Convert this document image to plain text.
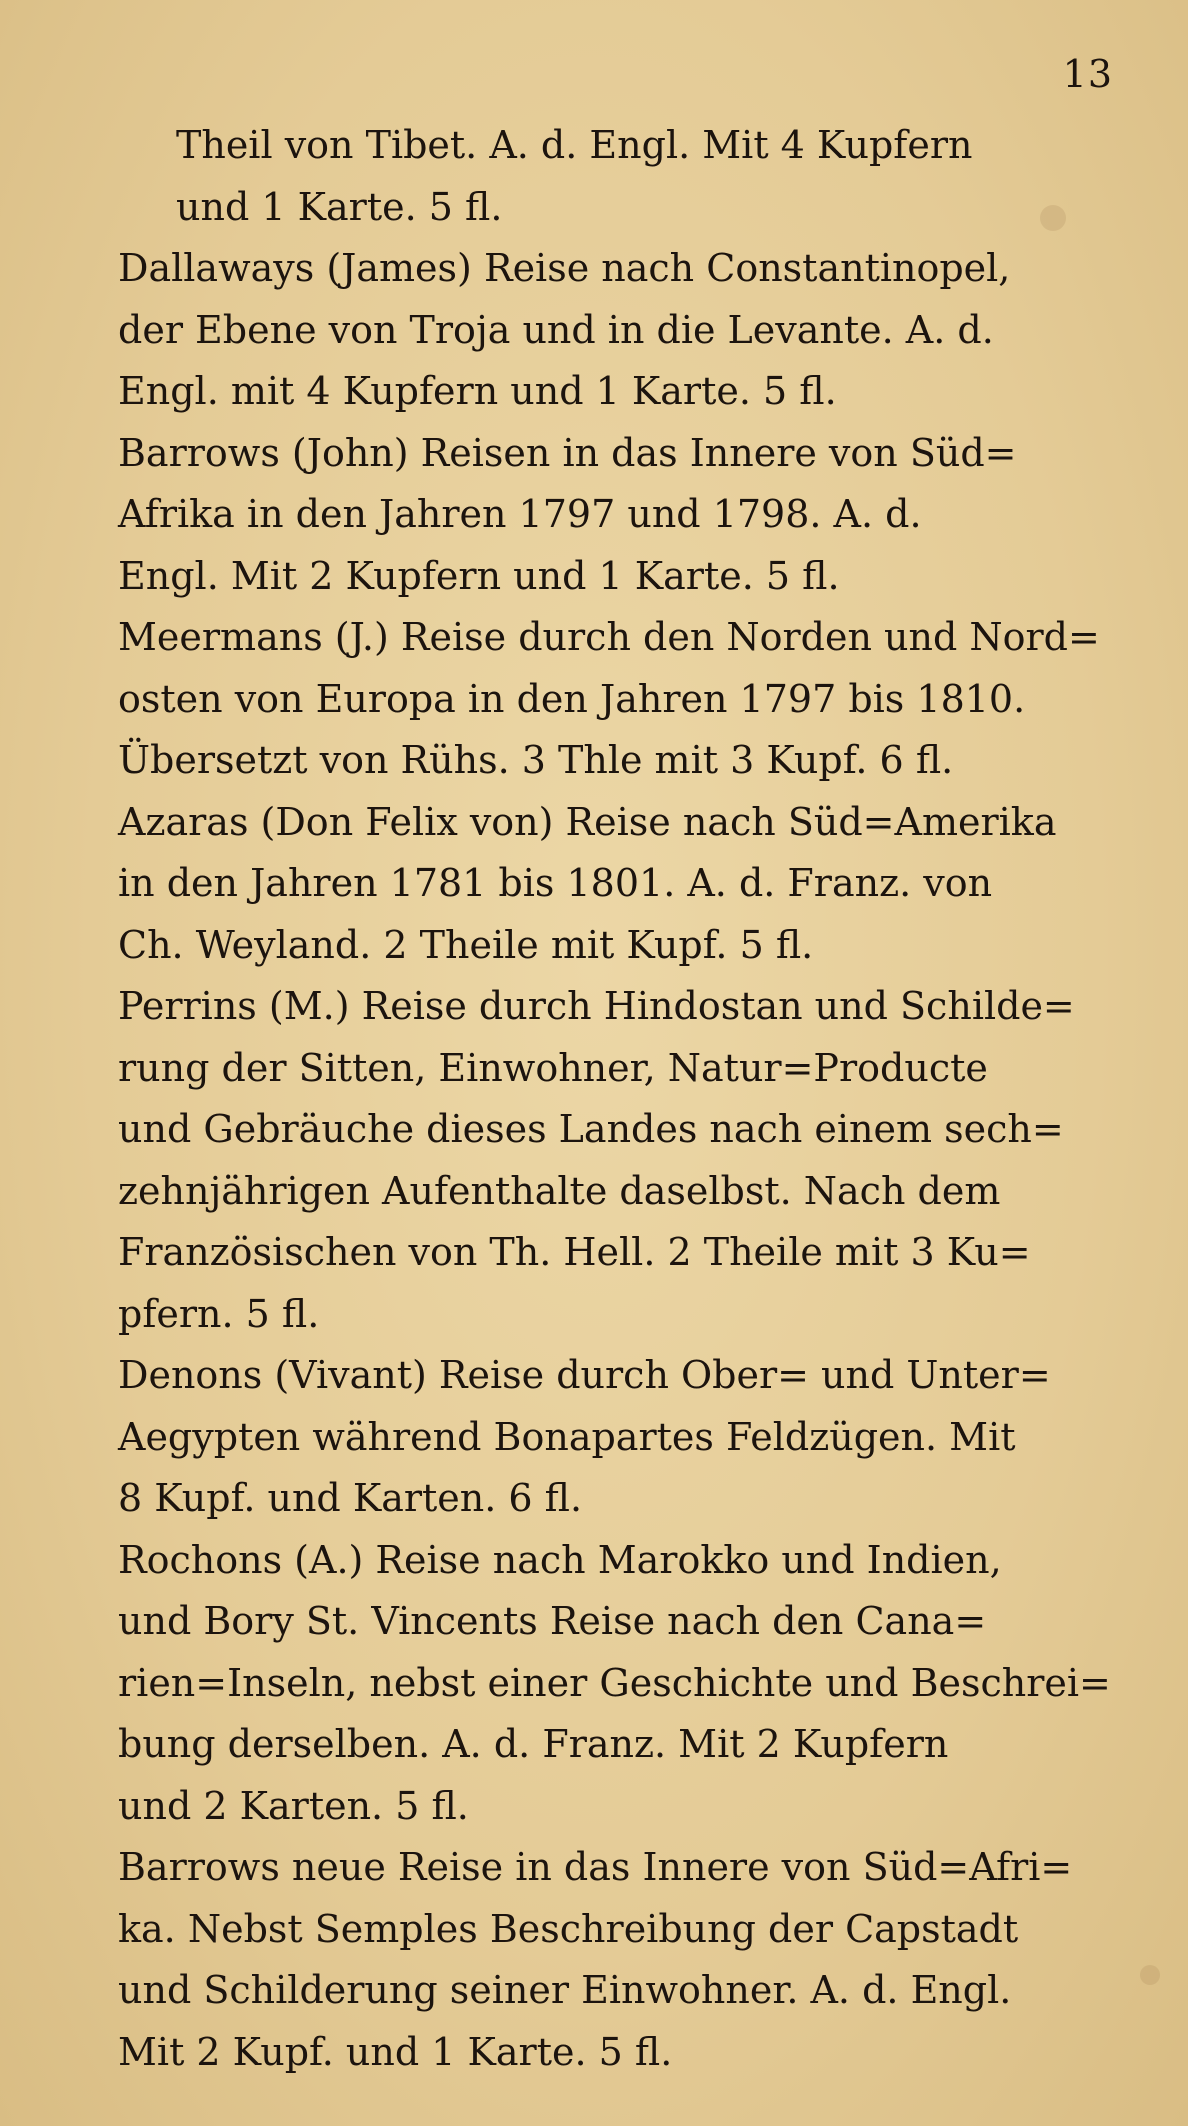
13

Theil von Tibet. A. d. Engl. Mit 4 Kupfern
und 1 Karte. 5 fl.

Dallaways (James) Reise nach Constantinopel,
der Ebene von Troja und in die Levante. A. d.
Engl. mit 4 Kupfern und 1 Karte. 5 fl.

Barrows (John) Reisen in das Innere von Süd=
Afrika in den Jahren 1797 und 1798. A. d.
Engl. Mit 2 Kupfern und 1 Karte. 5 fl.

Meermans (J.) Reise durch den Norden und Nord=
osten von Europa in den Jahren 1797 bis 1810.
Übersetzt von Rühs. 3 Thle mit 3 Kupf. 6 fl.

Azaras (Don Felix von) Reise nach Süd=Amerika
in den Jahren 1781 bis 1801. A. d. Franz. von
Ch. Weyland. 2 Theile mit Kupf. 5 fl.

Perrins (M.) Reise durch Hindostan und Schilde=
rung der Sitten, Einwohner, Natur=Producte
und Gebräuche dieses Landes nach einem sech=
zehnjährigen Aufenthalte daselbst. Nach dem
Französischen von Th. Hell. 2 Theile mit 3 Ku=
pfern. 5 fl.

Denons (Vivant) Reise durch Ober= und Unter=
Aegypten während Bonapartes Feldzügen. Mit
8 Kupf. und Karten. 6 fl.

Rochons (A.) Reise nach Marokko und Indien,
und Bory St. Vincents Reise nach den Cana=
rien=Inseln, nebst einer Geschichte und Beschrei=
bung derselben. A. d. Franz. Mit 2 Kupfern
und 2 Karten. 5 fl.

Barrows neue Reise in das Innere von Süd=Afri=
ka. Nebst Semples Beschreibung der Capstadt
und Schilderung seiner Einwohner. A. d. Engl.
Mit 2 Kupf. und 1 Karte. 5 fl.
